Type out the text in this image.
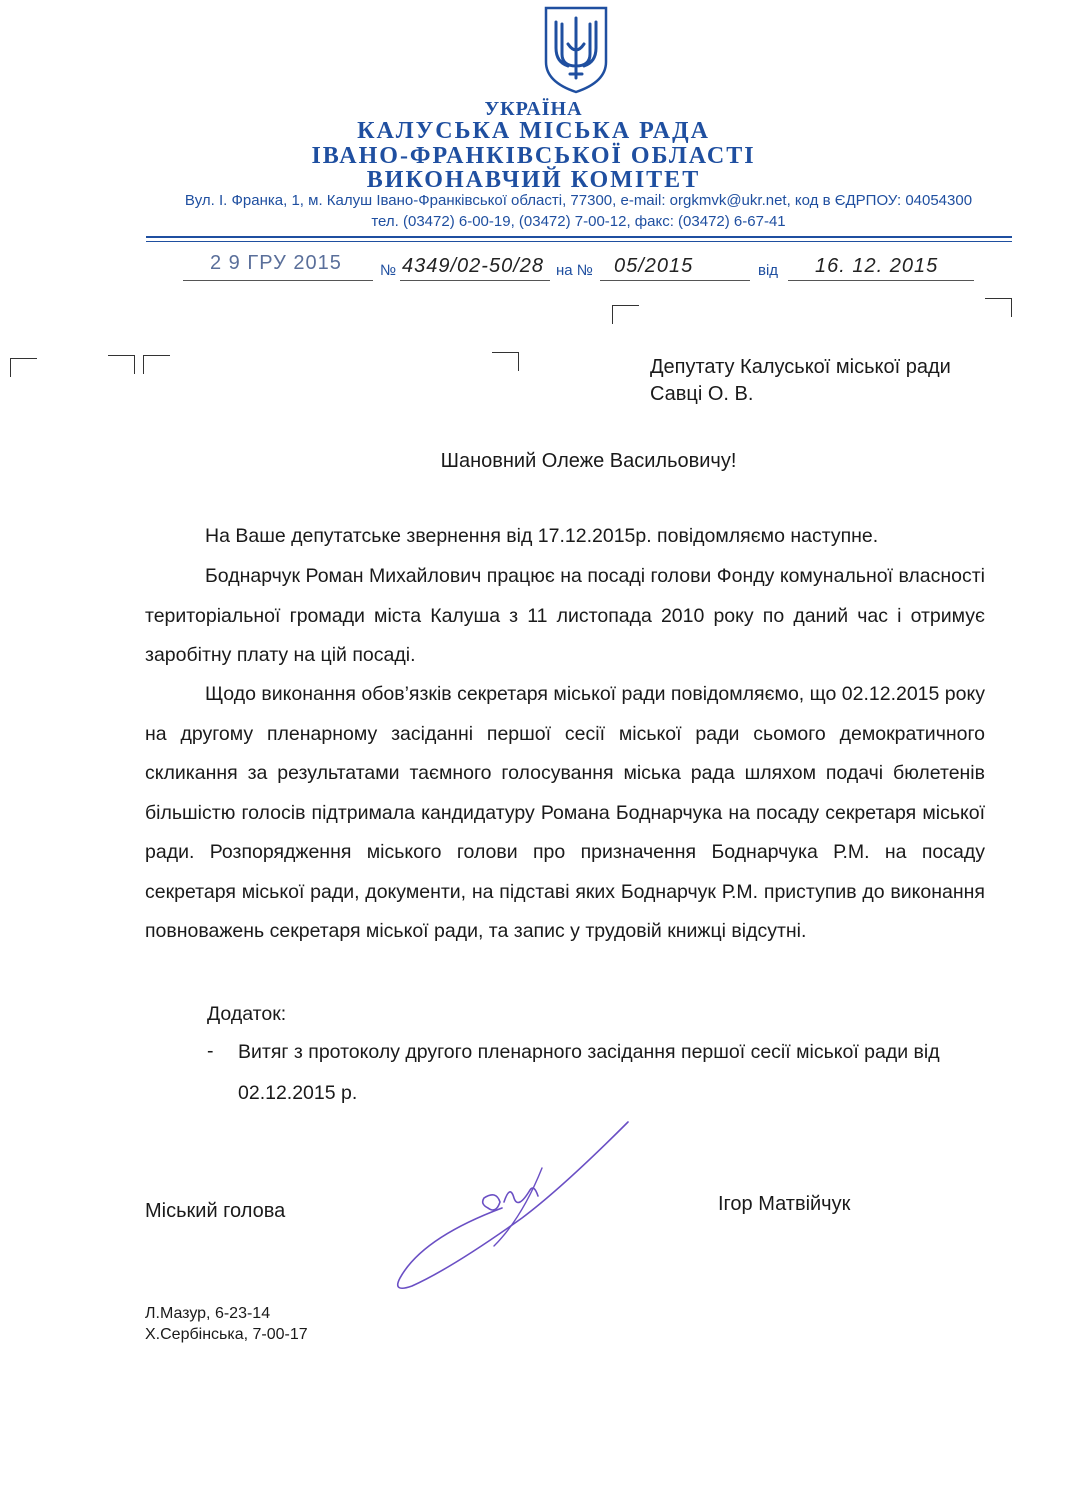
УКРАЇНА
КАЛУСЬКА МІСЬКА РАДА
ІВАНО-ФРАНКІВСЬКОЇ ОБЛАСТІ
ВИКОНАВЧИЙ КОМІТЕТ
Вул. І. Франка, 1, м. Калуш Івано-Франківської області, 77300, e-mail: orgkmvk@ukr.net, код в ЄДРПОУ: 04054300
тел. (03472) 6-00-19, (03472) 7-00-12, факс: (03472) 6-67-41
2 9 ГРУ 2015	№ 4349/02-50/28 на № 05/2015	від 16. 12. 2015
Депутату Калуської міської ради
Савці О. В.
Шановний Олеже Васильовичу!
На Ваше депутатське звернення від 17.12.2015р. повідомляємо наступне.
Боднарчук Роман Михайлович працює на посаді голови Фонду комунальної власності територіальної громади міста Калуша з 11 листопада 2010 року по даний час і отримує заробітну плату на цій посаді.
Щодо виконання обов’язків секретаря міської ради повідомляємо, що 02.12.2015 року на другому пленарному засіданні першої сесії міської ради сьомого демократичного скликання за результатами таємного голосування міська рада шляхом подачі бюлетенів більшістю голосів підтримала кандидатуру Романа Боднарчука на посаду секретаря міської ради. Розпорядження міського голови про призначення Боднарчука Р.М. на посаду секретаря міської ради, документи, на підставі яких Боднарчук Р.М. приступив до виконання повноважень секретаря міської ради, та запис у трудовій книжці відсутні.
Додаток:
- Витяг з протоколу другого пленарного засідання першої сесії міської ради від 02.12.2015 р.
Міський голова	Ігор Матвійчук
Л.Мазур, 6-23-14
Х.Сербінська, 7-00-17
